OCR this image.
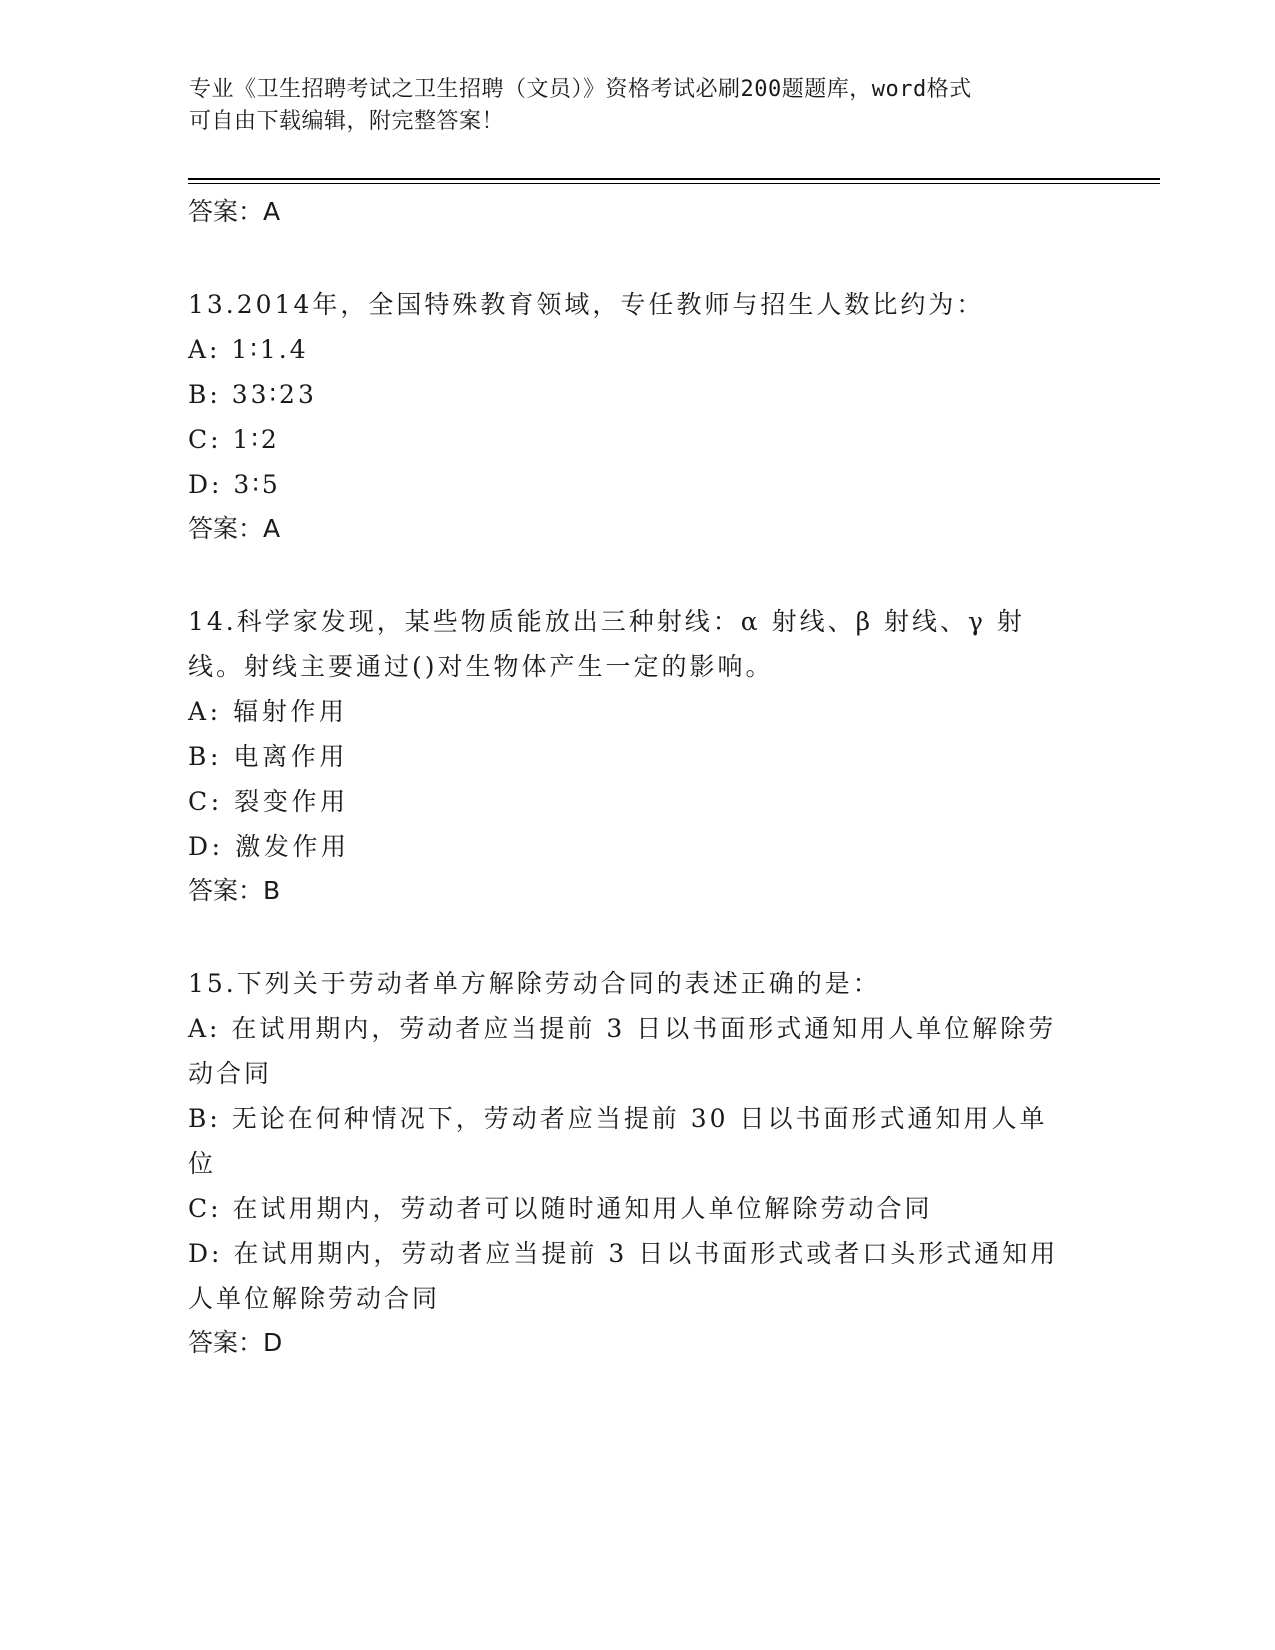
专业《卫生招聘考试之卫生招聘（文员）》资格考试必刷200题题库，word格式
可自由下载编辑，附完整答案！

答案：A

13.2014年，全国特殊教育领域，专任教师与招生人数比约为：

A: 1∶1.4

B: 33∶23

C: 1∶2

D: 3∶5

答案：A

14.科学家发现，某些物质能放出三种射线：α 射线、β 射线、γ 射

线。射线主要通过()对生物体产生一定的影响。

A: 辐射作用

B: 电离作用

C: 裂变作用

D: 激发作用

答案：B

15.下列关于劳动者单方解除劳动合同的表述正确的是：

A: 在试用期内，劳动者应当提前 3 日以书面形式通知用人单位解除劳

动合同

B: 无论在何种情况下，劳动者应当提前 30 日以书面形式通知用人单

位

C: 在试用期内，劳动者可以随时通知用人单位解除劳动合同

D: 在试用期内，劳动者应当提前 3 日以书面形式或者口头形式通知用

人单位解除劳动合同

答案：D
